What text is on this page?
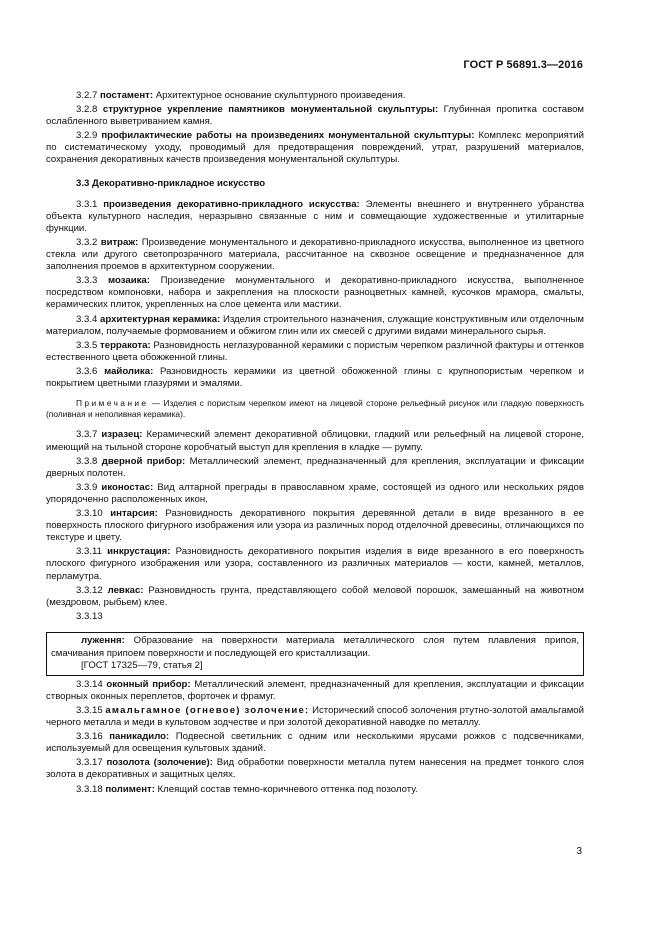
ГОСТ Р 56891.3—2016

3.2.7 постамент: Архитектурное основание скульптурного произведения.

3.2.8 структурное укрепление памятников монументальной скульптуры: Глубинная пропитка составом ослабленного выветриванием камня.

3.2.9 профилактические работы на произведениях монументальной скульптуры: Комплекс мероприятий по систематическому уходу, проводимый для предотвращения повреждений, утрат, разрушений материалов, сохранения декоративных качеств произведения монументальной скульптуры.

3.3 Декоративно-прикладное искусство

3.3.1 произведения декоративно-прикладного искусства: Элементы внешнего и внутреннего убранства объекта культурного наследия, неразрывно связанные с ним и совмещающие художественные и утилитарные функции.

3.3.2 витраж: Произведение монументального и декоративно-прикладного искусства, выполненное из цветного стекла или другого светопрозрачного материала, рассчитанное на сквозное освещение и предназначенное для заполнения проемов в архитектурном сооружении.

3.3.3 мозаика: Произведение монументального и декоративно-прикладного искусства, выполненное посредством компоновки, набора и закрепления на плоскости разноцветных камней, кусочков мрамора, смальты, керамических плиток, укрепленных на слое цемента или мастики.

3.3.4 архитектурная керамика: Изделия строительного назначения, служащие конструктивным или отделочным материалом, получаемые формованием и обжигом глин или их смесей с другими видами минерального сырья.

3.3.5 терракота: Разновидность неглазурованной керамики с пористым черепком различной фактуры и оттенков естественного цвета обожженной глины.

3.3.6 майолика: Разновидность керамики из цветной обожженной глины с крупнопористым черепком и покрытием цветными глазурями и эмалями.

Примечание — Изделия с пористым черепком имеют на лицевой стороне рельефный рисунок или гладкую поверхность (поливная и неполивная керамика).

3.3.7 изразец: Керамический элемент декоративной облицовки, гладкий или рельефный на лицевой стороне, имеющий на тыльной стороне коробчатый выступ для крепления в кладке — румпу.

3.3.8 дверной прибор: Металлический элемент, предназначенный для крепления, эксплуатации и фиксации дверных полотен.

3.3.9 иконостас: Вид алтарной преграды в православном храме, состоящей из одного или нескольких рядов упорядоченно расположенных икон.

3.3.10 интарсия: Разновидность декоративного покрытия деревянной детали в виде врезанного в ее поверхность плоского фигурного изображения или узора из различных пород отделочной древесины, отличающихся по текстуре и цвету.

3.3.11 инкрустация: Разновидность декоративного покрытия изделия в виде врезанного в его поверхность плоского фигурного изображения или узора, составленного из различных материалов — кости, камней, металлов, перламутра.

3.3.12 левкас: Разновидность грунта, представляющего собой меловой порошок, замешанный на животном (мездровом, рыбьем) клее.

3.3.13

луження: Образование на поверхности материала металлического слоя путем плавления припоя, смачивания припоем поверхности и последующей его кристаллизации.

[ГОСТ 17325—79, статья 2]

3.3.14 оконный прибор: Металлический элемент, предназначенный для крепления, эксплуатации и фиксации створных оконных переплетов, форточек и фрамуг.

3.3.15 амальгамное (огневое) золочение: Исторический способ золочения ртутно-золотой амальгамой черного металла и меди в культовом зодчестве и при золотой декоративной наводке по металлу.

3.3.16 паникадило: Подвесной светильник с одним или несколькими ярусами рожков с подсвечниками, используемый для освещения культовых зданий.

3.3.17 позолота (золочение): Вид обработки поверхности металла путем нанесения на предмет тонкого слоя золота в декоративных и защитных целях.

3.3.18 полимент: Клеящий состав темно-коричневого оттенка под позолоту.

3
